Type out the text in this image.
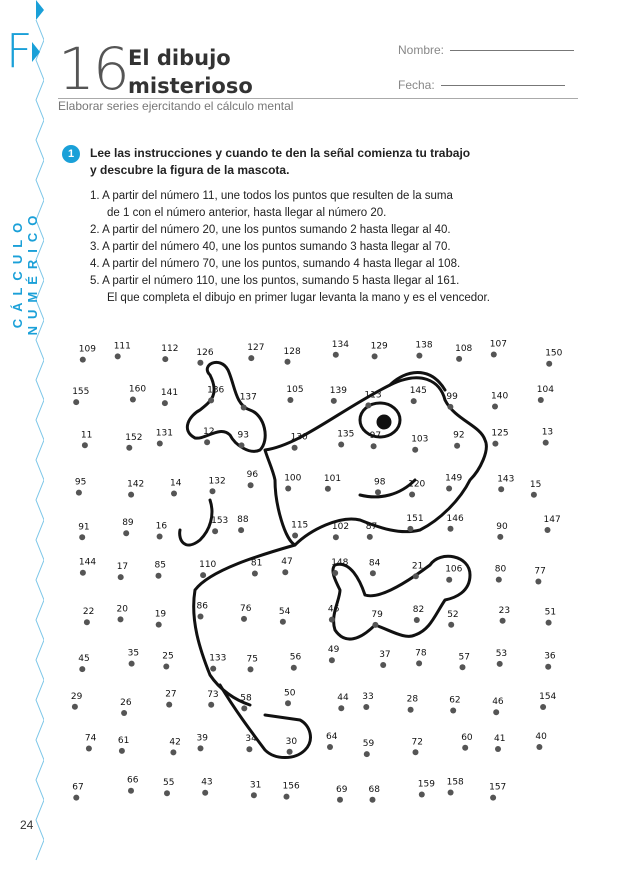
F
CÁLCULO NUMÉRICO
24
16 El dibujo
misterioso
Nombre:
Fecha:
Elaborar series ejercitando el cálculo mental
1	Lee las instrucciones y cuando te den la señal comienza tu trabajo
y descubre la figura de la mascota.
1. A partir del número 11, une todos los puntos que resulten de la suma
de 1 con el número anterior, hasta llegar al número 20.
2. A partir del número 20, une los puntos sumando 2 hasta llegar al 40.
3. A partir del número 40, une los puntos sumando 3 hasta llegar al 70.
4. A partir del número 70, une los puntos, sumando 4 hasta llegar al 108.
5. A partir el número 110, une los puntos, sumando 5 hasta llegar al 161.
El que completa el dibujo en primer lugar levanta la mano y es el vencedor.
109 111	112 126	127 128
134 129	138	108 107
150
155	160 141	136
137
105	139 113	145
99	140
104
11	152 131	12	93	130	135 97	103	92	125	13
95	142	14	132
96	100	101	98	120
149	143
15
91	89 16
153 88
115	102 87
151	146
90
147
144 17	85	110	81 47	148 84	21 106	80	77
22 20
19
86	76	54	46
79	82	52	23	51
45
35	25	133 75	56
49	37	78	57	53	36
29
26
27	73 58
50	44 33	28	62	46
154
74 61	42 39	34	30	64
59	72	60 41	40
67
66	55	43	31 156	69 68
159 158
157
